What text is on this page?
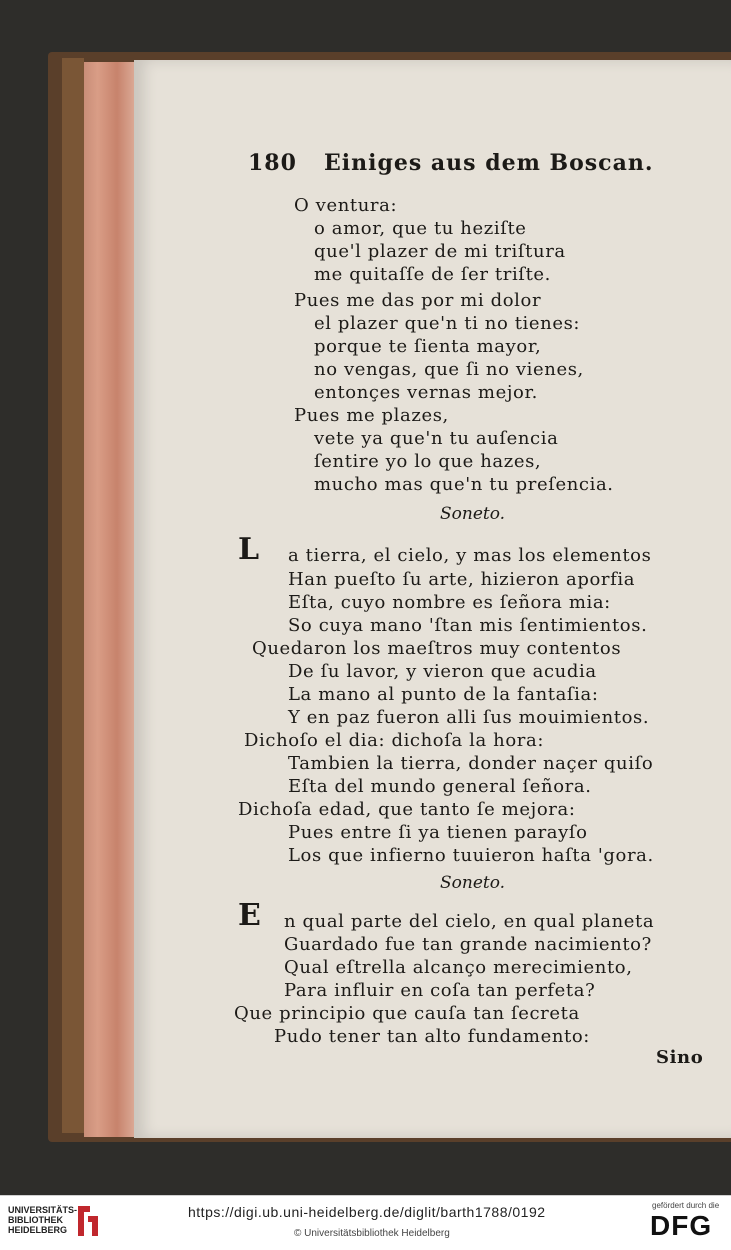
180 Einiges aus dem Boscan.
O ventura:
o amor, que tu heziſte
que'l plazer de mi triſtura
me quitaſſe de ſer triſte.
Pues me das por mi dolor
el plazer que'n ti no tienes:
porque te ſienta mayor,
no vengas, que ſi no vienes,
entonçes vernas mejor.
Pues me plazes,
vete ya que'n tu auſencia
ſentire yo lo que hazes,
mucho mas que'n tu preſencia.
Soneto.
L a tierra, el cielo, y mas los elementos
Han pueſto ſu arte, hizieron aporfia
Eſta, cuyo nombre es ſeñora mia:
So cuya mano 'ſtan mis ſentimientos.
Quedaron los maeſtros muy contentos
De ſu lavor, y vieron que acudia
La mano al punto de la fantaſia:
Y en paz fueron alli ſus mouimientos.
Dichoſo el dia: dichoſa la hora:
Tambien la tierra, donder naçer quiſo
Eſta del mundo general ſeñora.
Dichoſa edad, que tanto ſe mejora:
Pues entre ſi ya tienen parayſo
Los que infierno tuuieron haſta 'gora.
Soneto.
E n qual parte del cielo, en qual planeta
Guardado fue tan grande nacimiento?
Qual eſtrella alcanço merecimiento,
Para influir en coſa tan perfeta?
Que principio que cauſa tan ſecreta
Pudo tener tan alto fundamento:
Sino
UNIVERSITÄTS-
BIBLIOTHEK
HEIDELBERG
https://digi.ub.uni-heidelberg.de/diglit/barth1788/0192
© Universitätsbibliothek Heidelberg
gefördert durch die
DFG
